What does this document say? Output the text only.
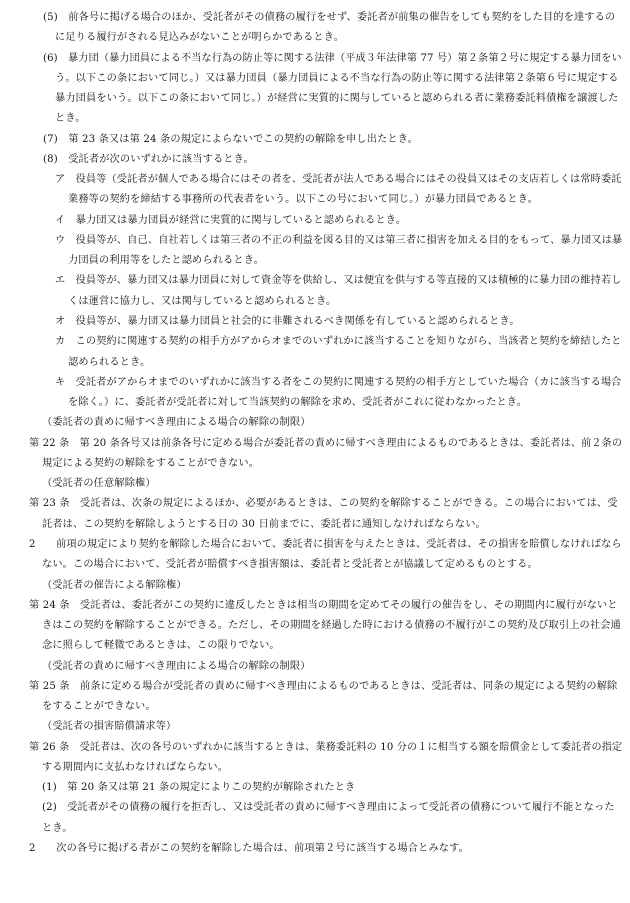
(5)　前各号に掲げる場合のほか、受託者がその債務の履行をせず、委託者が前集の催告をしても契約をした目的を達するの
に足りる履行がされる見込みがないことが明らかであるとき。
(6)　暴力団（暴力団員による不当な行為の防止等に関する法律（平成３年法律第 77 号）第２条第２号に規定する暴力団をい
う。以下この条において同じ。）又は暴力団員（暴力団員による不当な行為の防止等に関する法律第２条第６号に規定する
暴力団員をいう。以下この条において同じ。）が経営に実質的に関与していると認められる者に業務委託料債権を譲渡した
とき。
(7)　第 23 条又は第 24 条の規定によらないでこの契約の解除を申し出たとき。
(8)　受託者が次のいずれかに該当するとき。
ア　役員等（受託者が個人である場合にはその者を、受託者が法人である場合にはその役員又はその支店若しくは常時委託
業務等の契約を締結する事務所の代表者をいう。以下この号において同じ。）が暴力団員であるとき。
イ　暴力団又は暴力団員が経営に実質的に関与していると認められるとき。
ウ　役員等が、自己、自社若しくは第三者の不正の利益を図る目的又は第三者に損害を加える目的をもって、暴力団又は暴
力団員の利用等をしたと認められるとき。
エ　役員等が、暴力団又は暴力団員に対して資金等を供給し、又は便宜を供与する等直接的又は積極的に暴力団の維持若し
くは運営に協力し、又は関与していると認められるとき。
オ　役員等が、暴力団又は暴力団員と社会的に非難されるべき関係を有していると認められるとき。
カ　この契約に関連する契約の相手方がアからオまでのいずれかに該当することを知りながら、当該者と契約を締結したと
認められるとき。
キ　受託者がアからオまでのいずれかに該当する者をこの契約に関連する契約の相手方としていた場合（カに該当する場合
を除く。）に、委託者が受託者に対して当該契約の解除を求め、受託者がこれに従わなかったとき。
（委託者の責めに帰すべき理由による場合の解除の制限）
第 22 条　第 20 条各号又は前条各号に定める場合が委託者の責めに帰すべき理由によるものであるときは、委託者は、前２条の
規定による契約の解除をすることができない。
（受託者の任意解除権）
第 23 条　受託者は、次条の規定によるほか、必要があるときは、この契約を解除することができる。この場合においては、受
託者は、この契約を解除しようとする日の 30 日前までに、委託者に通知しなければならない。
2　　前項の規定により契約を解除した場合において、委託者に損害を与えたときは、受託者は、その損害を賠償しなければなら
ない。この場合において、受託者が賠償すべき損害額は、委託者と受託者とが協議して定めるものとする。
（受託者の催告による解除権）
第 24 条　受託者は、委託者がこの契約に違反したときは相当の期間を定めてその履行の催告をし、その期間内に履行がないと
きはこの契約を解除することができる。ただし、その期間を経過した時における債務の不履行がこの契約及び取引上の社会通
念に照らして軽微であるときは、この限りでない。
（受託者の責めに帰すべき理由による場合の解除の制限）
第 25 条　前条に定める場合が受託者の責めに帰すべき理由によるものであるときは、受託者は、同条の規定による契約の解除
をすることができない。
（受託者の損害賠償請求等）
第 26 条　受託者は、次の各号のいずれかに該当するときは、業務委託料の 10 分の１に相当する額を賠償金として委託者の指定
する期間内に支払わなければならない。
(1)　第 20 条又は第 21 条の規定によりこの契約が解除されたとき
(2)　受託者がその債務の履行を拒否し、又は受託者の責めに帰すべき理由によって受託者の債務について履行不能となった
とき。
2　　次の各号に掲げる者がこの契約を解除した場合は、前項第２号に該当する場合とみなす。
